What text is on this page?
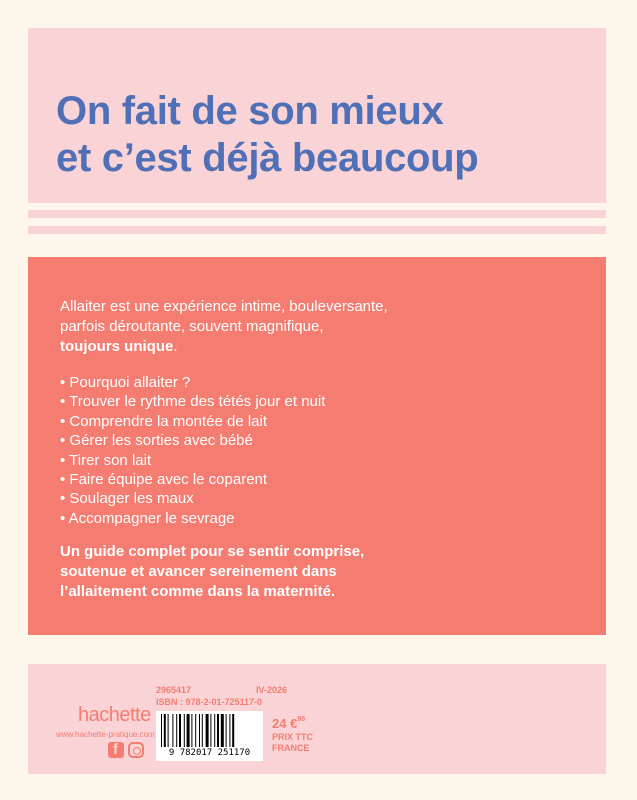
On fait de son mieux
et c’est déjà beaucoup

Allaiter est une expérience intime, bouleversante,
parfois déroutante, souvent magnifique,
toujours unique.

• Pourquoi allaiter ?
• Trouver le rythme des tétés jour et nuit
• Comprendre la montée de lait
• Gérer les sorties avec bébé
• Tirer son lait
• Faire équipe avec le coparent
• Soulager les maux
• Accompagner le sevrage

Un guide complet pour se sentir comprise,
soutenue et avancer sereinement dans
l’allaitement comme dans la maternité.

hachette
www.hachette-pratique.com
f
2965417	IV-2026
ISBN : 978-2-01-725117-0
9 782017 251170
24 €$^{95}$
PRIX TTC
FRANCE
